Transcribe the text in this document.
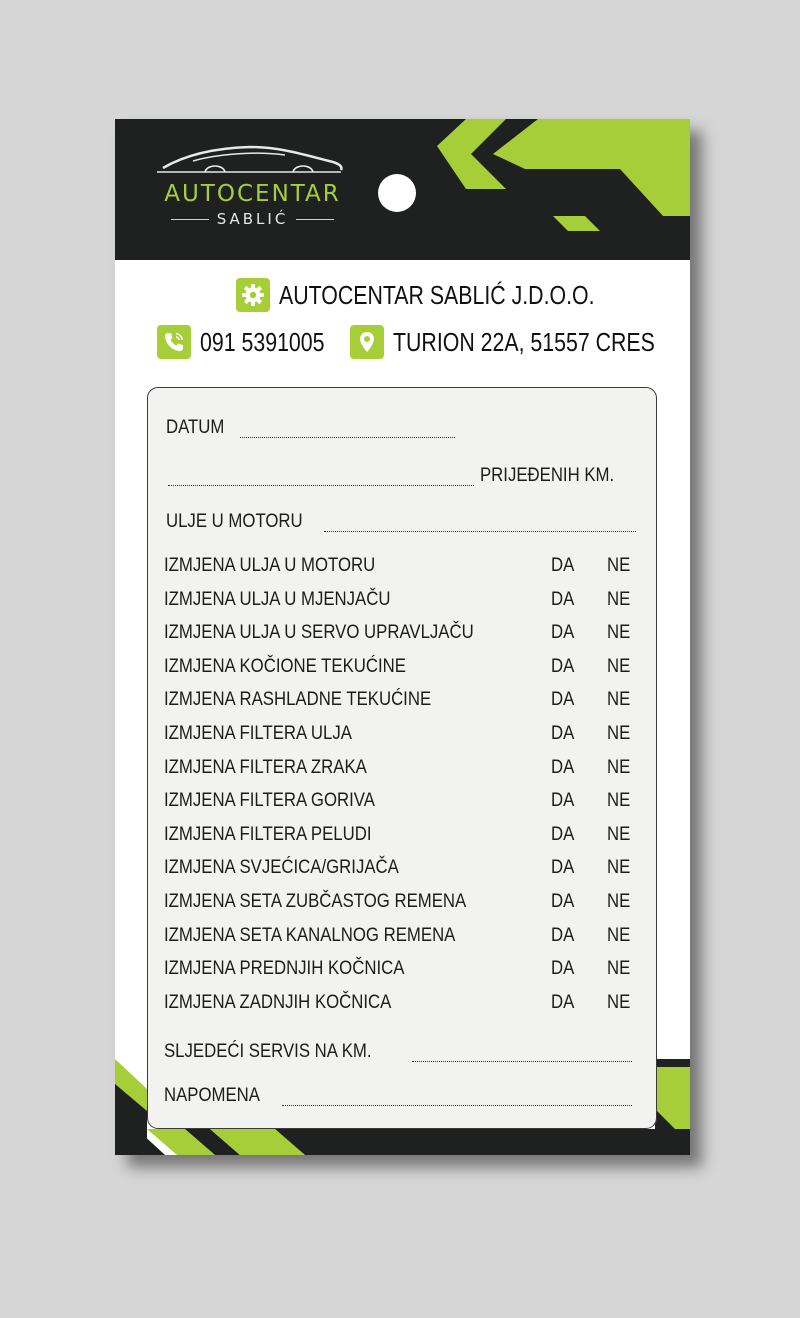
AUTOCENTAR
SABLIĆ
AUTOCENTAR SABLIĆ J.D.O.O.
091 5391005	TURION 22A, 51557 CRES
DATUM
PRIJEĐENIH KM.
ULJE U MOTORU
IZMJENA ULJA U MOTORU	DA NE
IZMJENA ULJA U MJENJAČU	DA NE
IZMJENA ULJA U SERVO UPRAVLJAČU	DA NE
IZMJENA KOČIONE TEKUĆINE	DA NE
IZMJENA RASHLADNE TEKUĆINE	DA NE
IZMJENA FILTERA ULJA	DA NE
IZMJENA FILTERA ZRAKA	DA NE
IZMJENA FILTERA GORIVA	DA NE
IZMJENA FILTERA PELUDI	DA NE
IZMJENA SVJEĆICA/GRIJAČA	DA NE
IZMJENA SETA ZUBČASTOG REMENA	DA NE
IZMJENA SETA KANALNOG REMENA	DA NE
IZMJENA PREDNJIH KOČNICA	DA NE
IZMJENA ZADNJIH KOČNICA	DA NE
SLJEDEĆI SERVIS NA KM.
NAPOMENA
